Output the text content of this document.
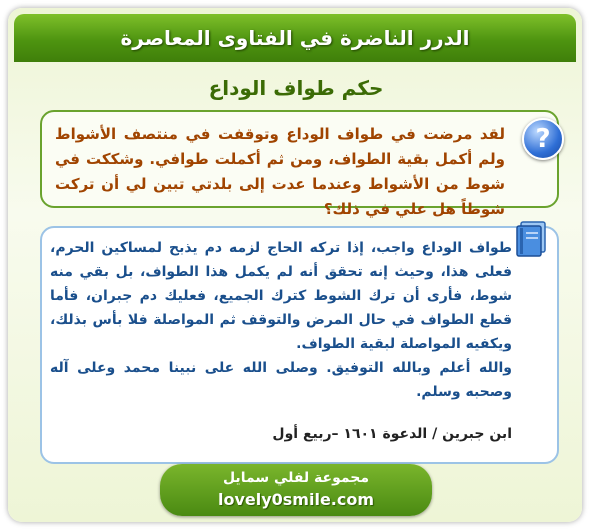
الدرر الناضرة في الفتاوى المعاصرة
حكم طواف الوداع
لقد مرضت في طواف الوداع وتوقفت في منتصف الأشواط ولم أكمل بقية الطواف، ومن ثم أكملت طوافي. وشككت في شوط من الأشواط وعندما عدت إلى بلدتي تبين لي أن تركت شوطاً هل علي في ذلك؟
?

طواف الوداع واجب، إذا تركه الحاج لزمه دم يذبح لمساكين الحرم، فعلى هذا، وحيث إنه تحقق أنه لم يكمل هذا الطواف، بل بقي منه شوط، فأرى أن ترك الشوط كترك الجميع، فعليك دم جبران، فأما قطع الطواف في حال المرض والتوقف ثم المواصلة فلا بأس بذلك، ويكفيه المواصلة لبقية الطواف.

والله أعلم وبالله التوفيق. وصلى الله على نبينا محمد وعلى آله وصحبه وسلم.

ابن جبرين / الدعوة ١٦٠١ –ربيع أول
مجموعة لفلي سمايل
lovely0smile.com
